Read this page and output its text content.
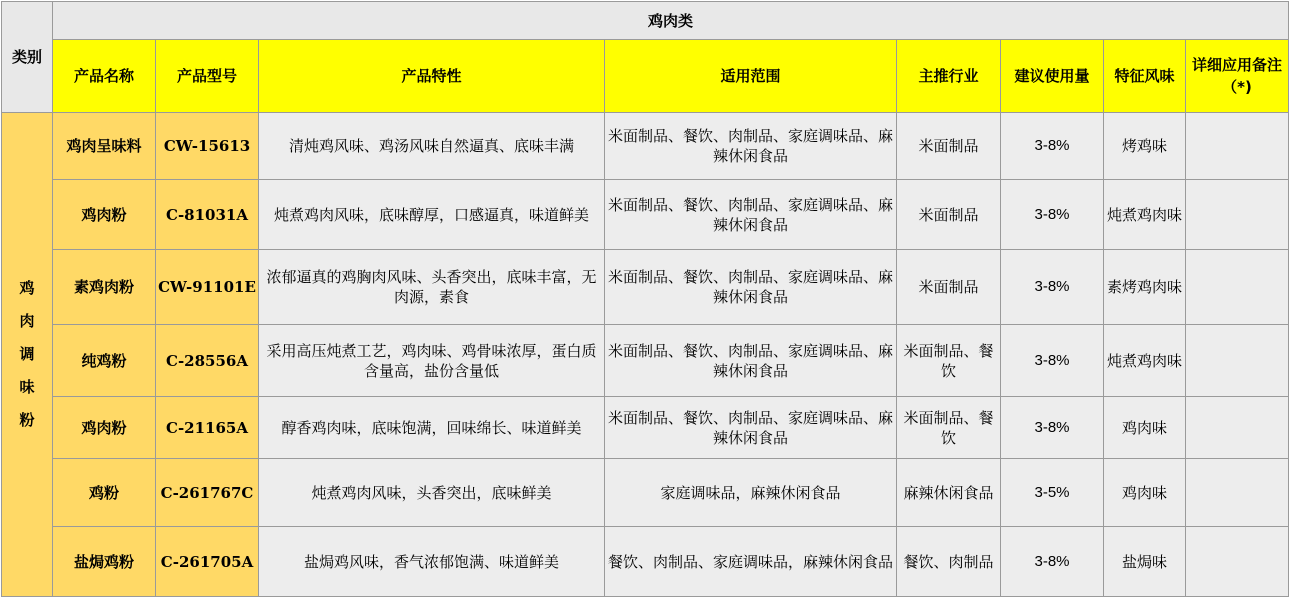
类别	鸡肉类							
	产品名称	产品型号	产品特性	适用范围	主推行业	建议使用量	特征风味	详细应用备注（*)

鸡
肉
调
味
粉	鸡肉呈味料	CW-15613	清炖鸡风味、鸡汤风味自然逼真、底味丰满	米面制品、餐饮、肉制品、家庭调味品、麻辣休闲食品	米面制品	3-8%	烤鸡味	
	鸡肉粉	C-81031A	炖煮鸡肉风味，底味醇厚，口感逼真，味道鲜美	米面制品、餐饮、肉制品、家庭调味品、麻辣休闲食品	米面制品	3-8%	炖煮鸡肉味	
	素鸡肉粉	CW-91101E	浓郁逼真的鸡胸肉风味、头香突出，底味丰富，无肉源，素食	米面制品、餐饮、肉制品、家庭调味品、麻辣休闲食品	米面制品	3-8%	素烤鸡肉味	
	纯鸡粉	C-28556A	采用高压炖煮工艺，鸡肉味、鸡骨味浓厚，蛋白质含量高，盐份含量低	米面制品、餐饮、肉制品、家庭调味品、麻辣休闲食品	米面制品、餐饮	3-8%	炖煮鸡肉味	
	鸡肉粉	C-21165A	醇香鸡肉味，底味饱满，回味绵长、味道鲜美	米面制品、餐饮、肉制品、家庭调味品、麻辣休闲食品	米面制品、餐饮	3-8%	鸡肉味	
	鸡粉	C-261767C	炖煮鸡肉风味，头香突出，底味鲜美	家庭调味品，麻辣休闲食品	麻辣休闲食品	3-5%	鸡肉味	
	盐焗鸡粉	C-261705A	盐焗鸡风味，香气浓郁饱满、味道鲜美	餐饮、肉制品、家庭调味品，麻辣休闲食品	餐饮、肉制品	3-8%	盐焗味	
